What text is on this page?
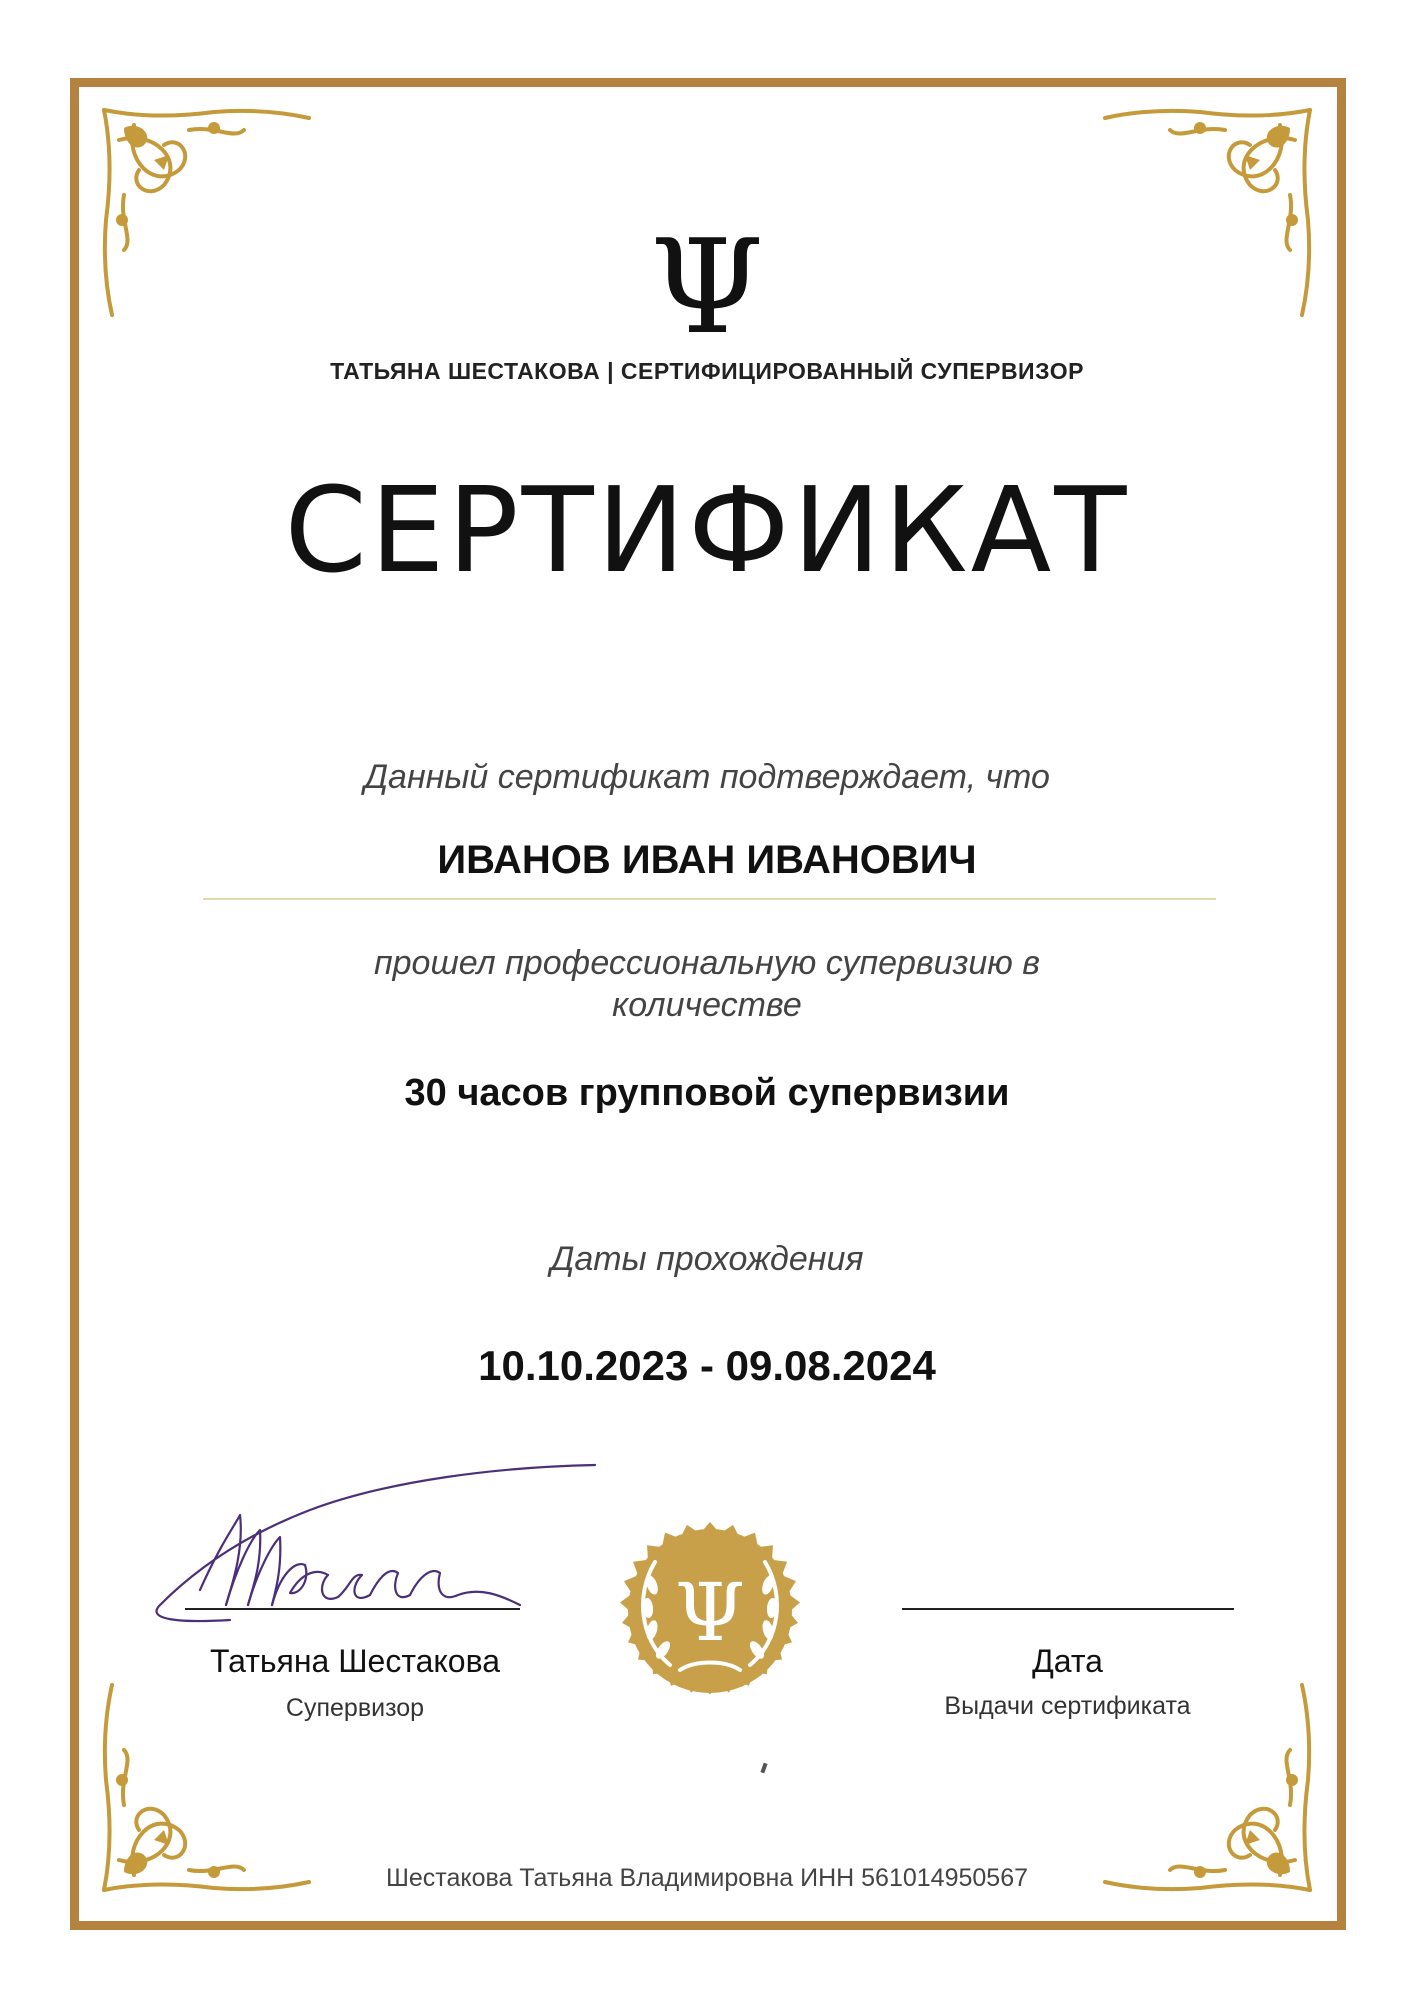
Ψ
ТАТЬЯНА ШЕСТАКОВА | СЕРТИФИЦИРОВАННЫЙ СУПЕРВИЗОР
СЕРТИФИКАТ
Данный сертификат подтверждает, что
ИВАНОВ ИВАН ИВАНОВИЧ
прошел профессиональную супервизию в количестве
30 часов групповой супервизии
Даты прохождения
10.10.2023 - 09.08.2024
Татьяна Шестакова
Супервизор
Ψ
Дата
Выдачи сертификата
Шестакова Татьяна Владимировна ИНН 561014950567
